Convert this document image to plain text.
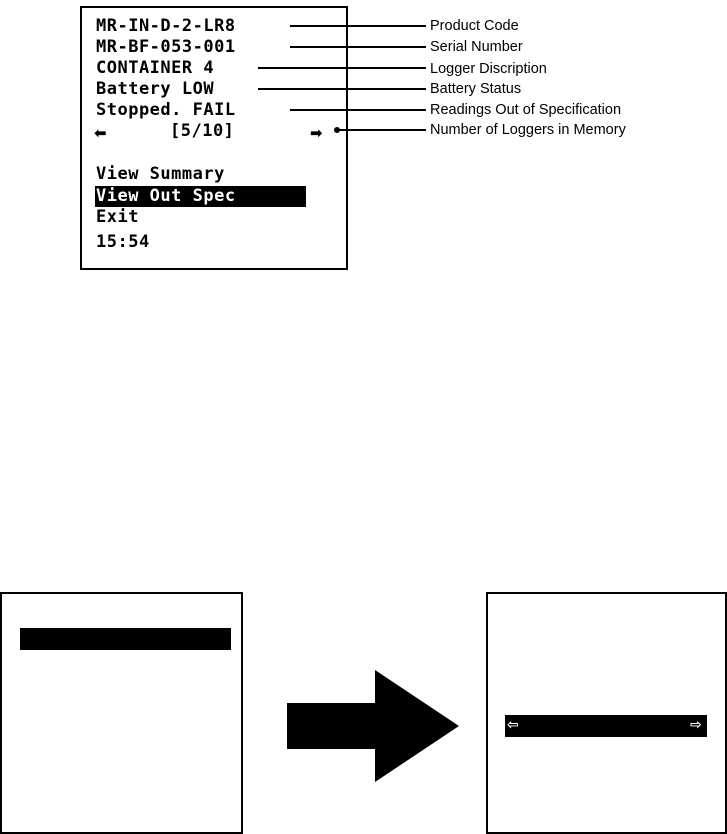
MR-IN-D-2-LR8
MR-BF-053-001
CONTAINER 4
Battery LOW
Stopped. FAIL
⬅	[5/10]	➡
View Summary
View Out Spec
Exit
15:54
Product Code
Serial Number
Logger Discription
Battery Status
Readings Out of Specification
Number of Loggers in Memory
⇦	⇨
